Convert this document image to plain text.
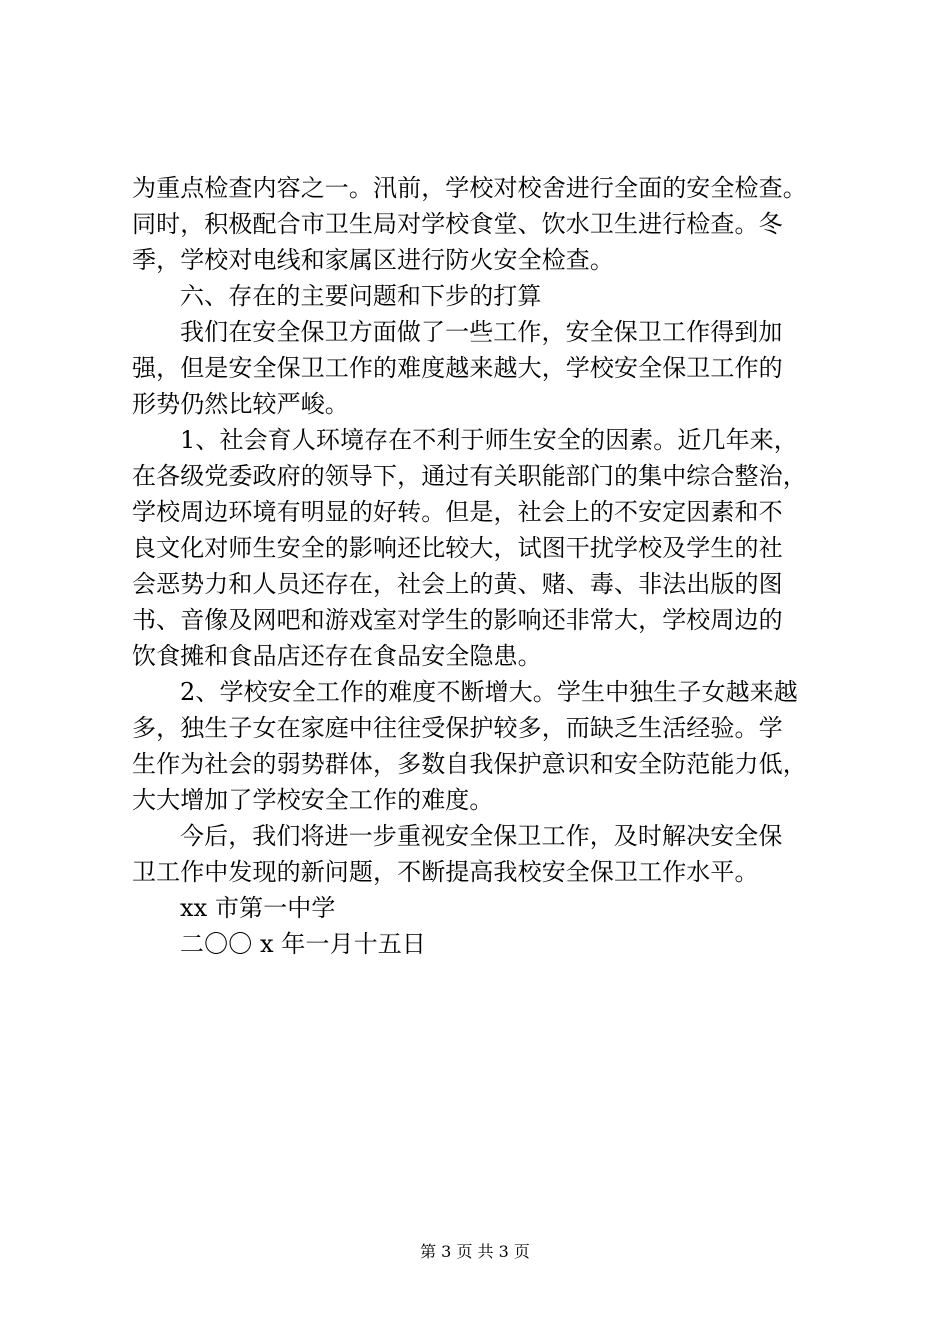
为重点检查内容之一。汛前，学校对校舍进行全面的安全检查。
同时，积极配合市卫生局对学校食堂、饮水卫生进行检查。冬
季，学校对电线和家属区进行防火安全检查。
六、存在的主要问题和下步的打算
我们在安全保卫方面做了一些工作，安全保卫工作得到加
强，但是安全保卫工作的难度越来越大，学校安全保卫工作的
形势仍然比较严峻。
1、社会育人环境存在不利于师生安全的因素。近几年来，
在各级党委政府的领导下，通过有关职能部门的集中综合整治，
学校周边环境有明显的好转。但是，社会上的不安定因素和不
良文化对师生安全的影响还比较大，试图干扰学校及学生的社
会恶势力和人员还存在，社会上的黄、赌、毒、非法出版的图
书、音像及网吧和游戏室对学生的影响还非常大，学校周边的
饮食摊和食品店还存在食品安全隐患。
2、学校安全工作的难度不断增大。学生中独生子女越来越
多，独生子女在家庭中往往受保护较多，而缺乏生活经验。学
生作为社会的弱势群体，多数自我保护意识和安全防范能力低，
大大增加了学校安全工作的难度。
今后，我们将进一步重视安全保卫工作，及时解决安全保
卫工作中发现的新问题，不断提高我校安全保卫工作水平。
xx 市第一中学
二〇〇 x 年一月十五日
第 3 页 共 3 页
